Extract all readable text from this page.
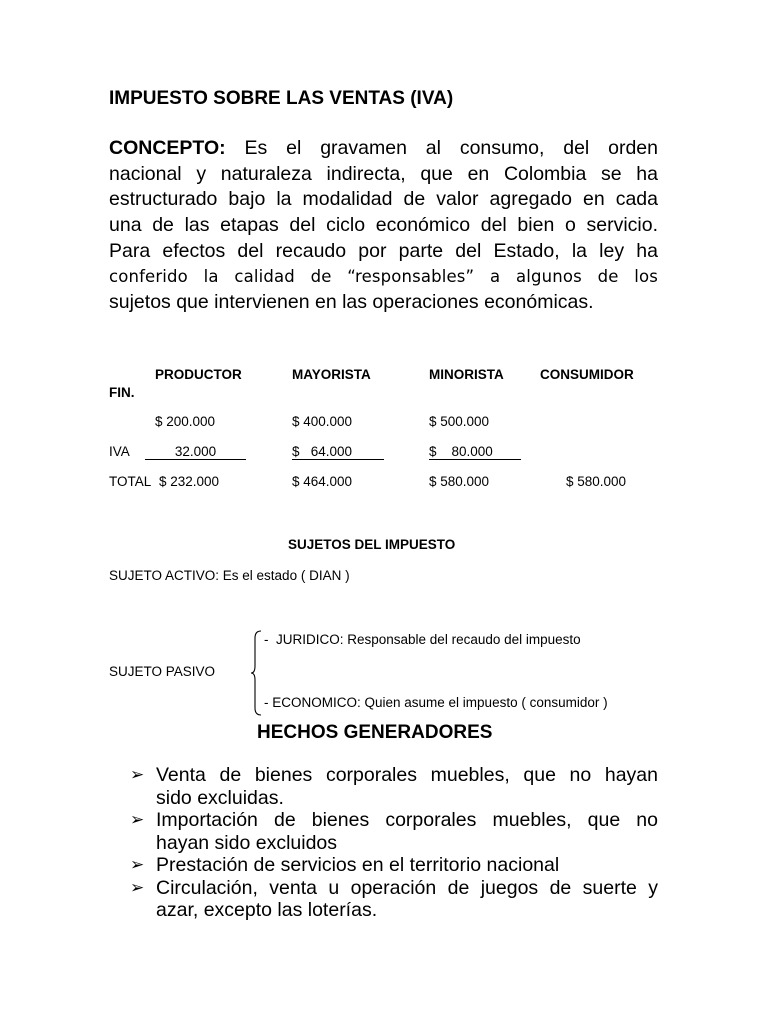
IMPUESTO SOBRE LAS VENTAS (IVA)
CONCEPTO: Es el gravamen al consumo, del orden
nacional y naturaleza indirecta, que en Colombia se ha
estructurado bajo la modalidad de valor agregado en cada
una de las etapas del ciclo económico del bien o servicio.
Para efectos del recaudo por parte del Estado, la ley ha
conferido la calidad de “responsables” a algunos de los
sujetos que intervienen en las operaciones económicas.
PRODUCTOR	MAYORISTA	MINORISTA	CONSUMIDOR
FIN.
$ 200.000	$ 400.000	$ 500.000
IVA	32.000	$   64.000	$    80.000
TOTAL $ 232.000	$ 464.000	$ 580.000	$ 580.000
SUJETOS DEL IMPUESTO
SUJETO ACTIVO: Es el estado ( DIAN )
-  JURIDICO: Responsable del recaudo del impuesto
SUJETO PASIVO
- ECONOMICO: Quien asume el impuesto ( consumidor )
HECHOS GENERADORES
➢ Venta de bienes corporales muebles, que no hayan
sido excluidas.
➢ Importación de bienes corporales muebles, que no
hayan sido excluidos
➢ Prestación de servicios en el territorio nacional
➢ Circulación, venta u operación de juegos de suerte y
azar, excepto las loterías.
